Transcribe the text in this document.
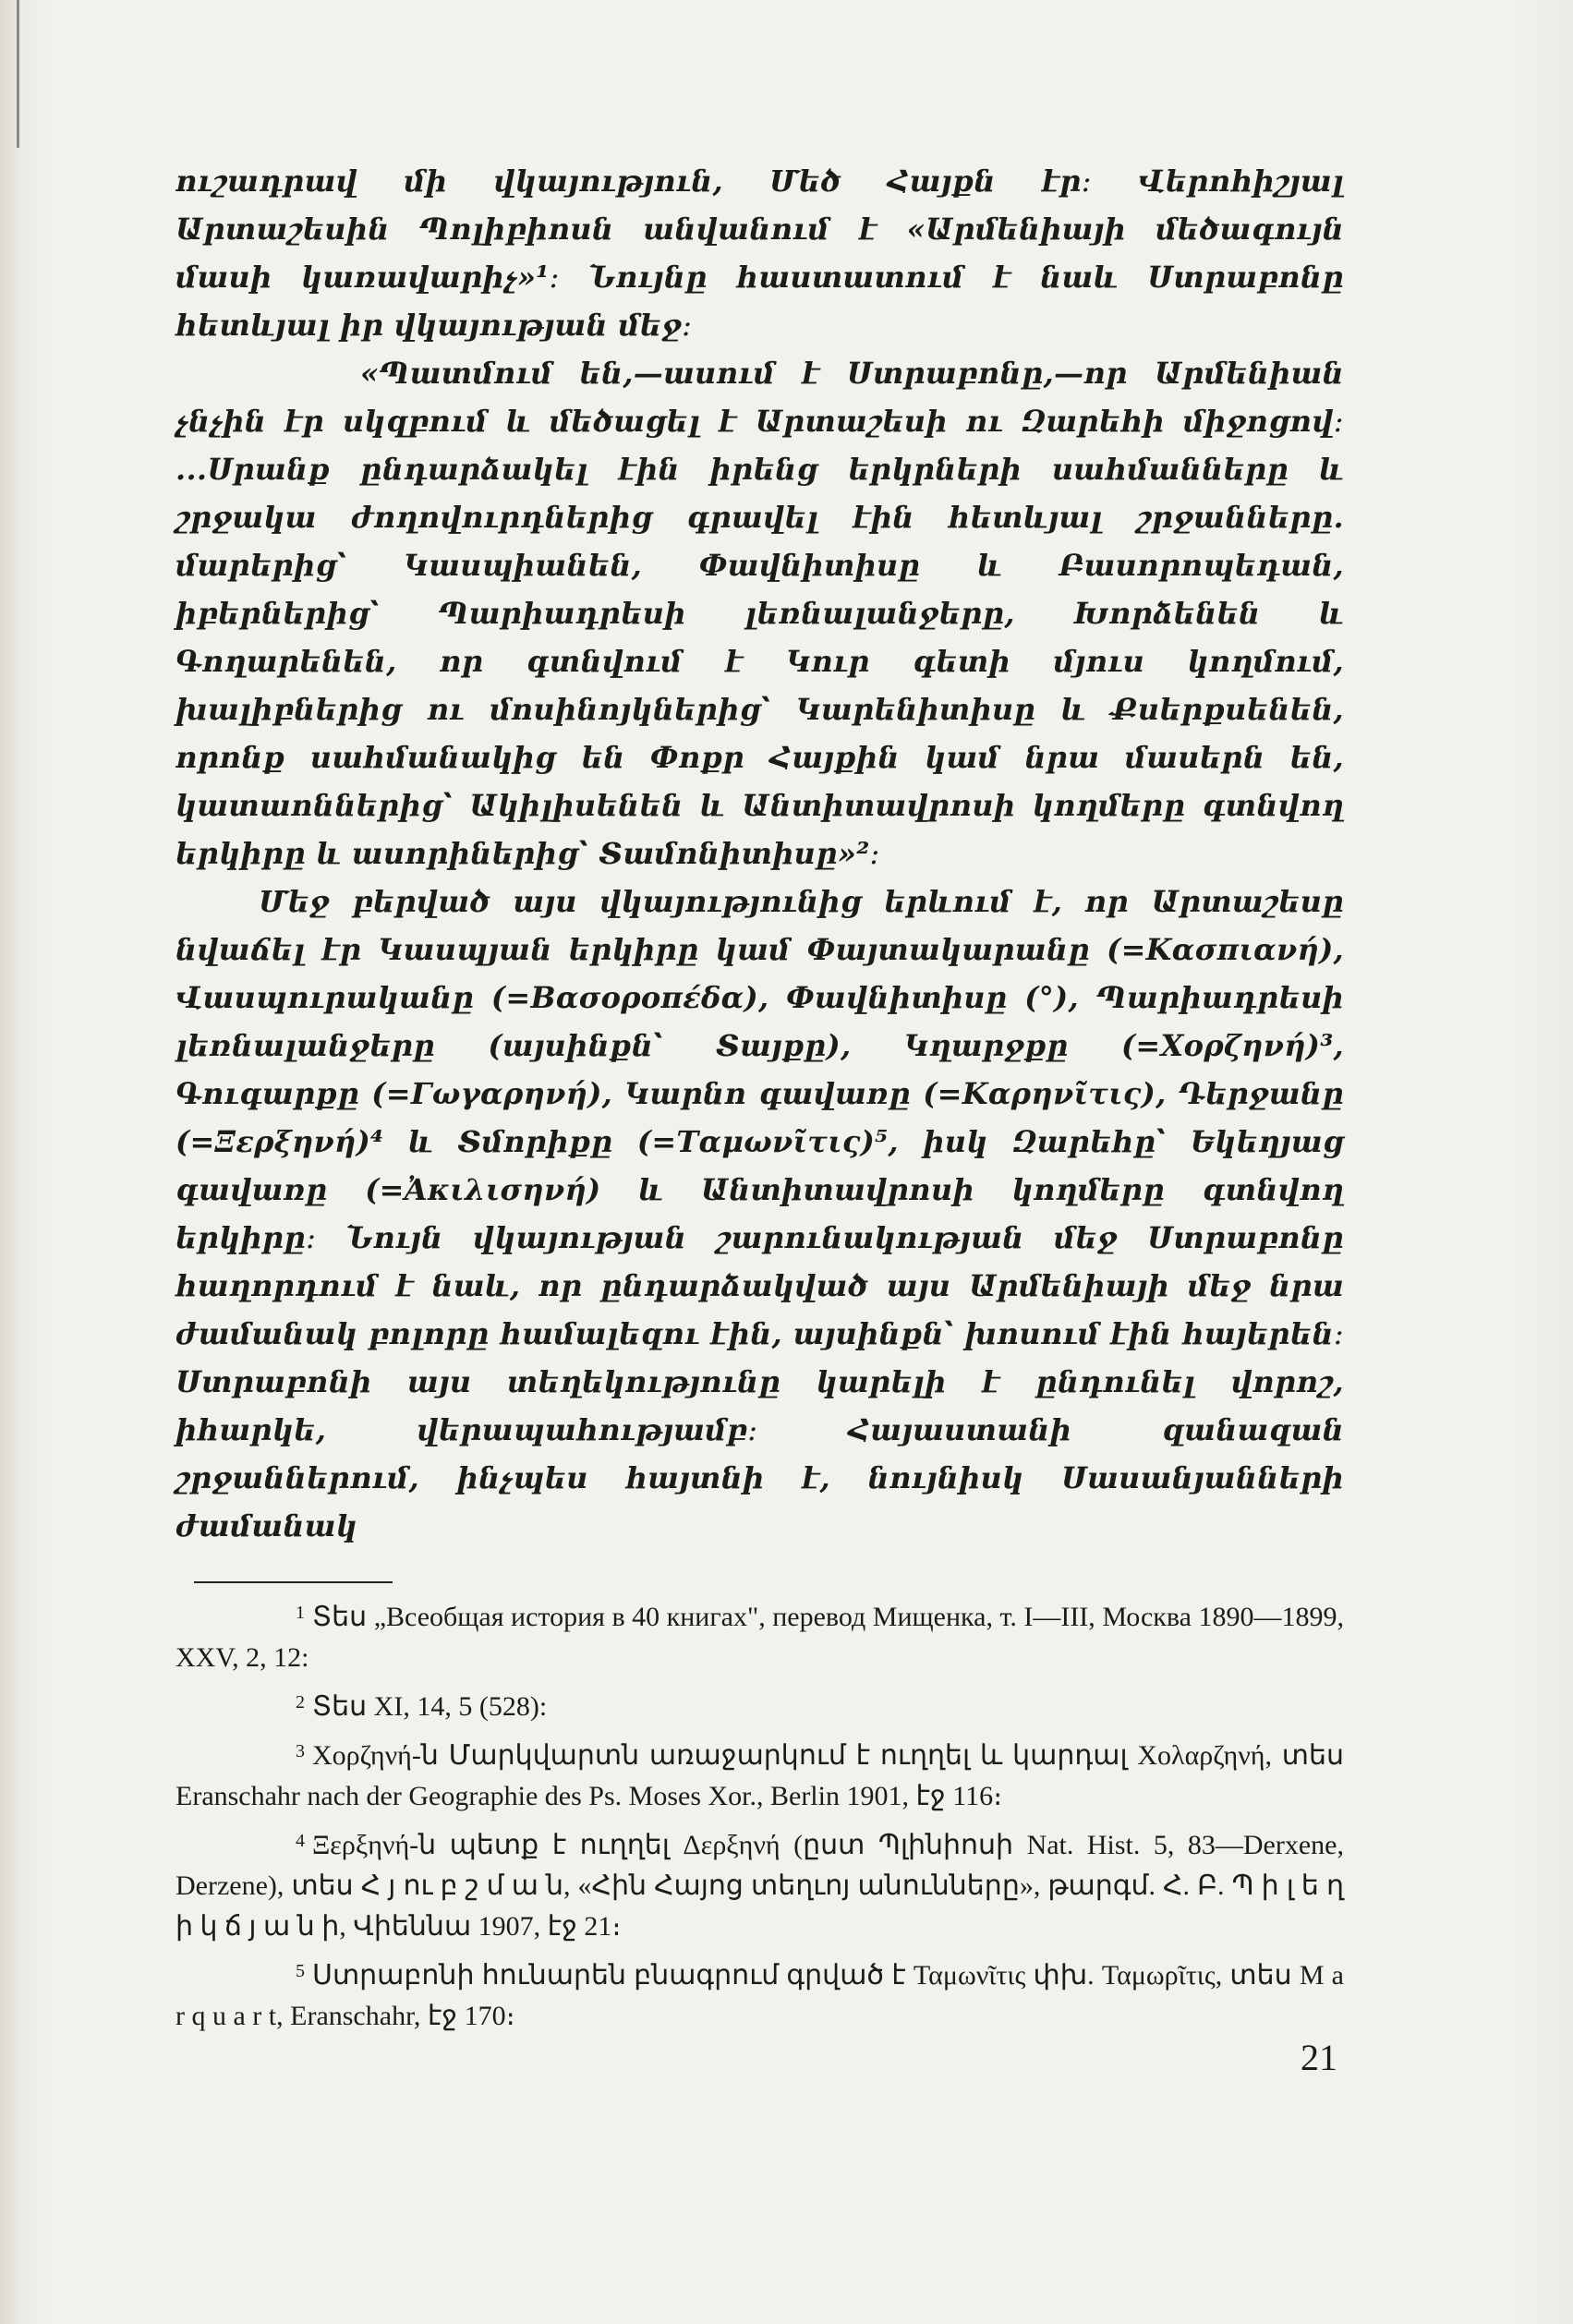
ուշադրավ մի վկայություն, Մեծ Հայքն էր։ Վերոհիշյալ Արտաշեսին Պոլիբիոսն անվանում է «Արմենիայի մեծագույն մասի կառավարիչ»¹։ Նույնը հաստատում է նաև Ստրաբոնը հետևյալ իր վկայության մեջ։

«Պատմում են,—ասում է Ստրաբոնը,—որ Արմենիան չնչին էր սկզբում և մեծացել է Արտաշեսի ու Զարեհի միջոցով։ ...Սրանք ընդարձակել էին իրենց երկրների սահմանները և շրջակա ժողովուրդներից գրավել էին հետևյալ շրջանները. մարերից՝ Կասպիանեն, Փավնիտիսը և Բասորոպեդան, իբերներից՝ Պարիադրեսի լեռնալանջերը, Խորձենեն և Գողարենեն, որ գտնվում է Կուր գետի մյուս կողմում, խալիբներից ու մոսինոյկներից՝ Կարենիտիսը և Քսերքսենեն, որոնք սահմանակից են Փոքր Հայքին կամ նրա մասերն են, կատաոններից՝ Ակիլիսենեն և Անտիտավրոսի կողմերը գտնվող երկիրը և ասորիներից՝ Տամոնիտիսը»²։

Մեջ բերված այս վկայությունից երևում է, որ Արտաշեսը նվաճել էր Կասպյան երկիրը կամ Փայտակարանը (=Κασπιανή), Վասպուրականը (=Βασοροπέδα), Փավնիտիսը (°), Պարիադրեսի լեռնալանջերը (այսինքն՝ Տայքը), Կղարջքը (=Χορζηνή)³, Գուգարքը (=Γωγαρηνή), Կարնո գավառը (=Καρηνῖτις), Դերջանը (=Ξερξηνή)⁴ և Տմորիքը (=Ταμωνῖτις)⁵, իսկ Զարեհը՝ Եկեղյաց գավառը (=Ἀκιλισηνή) և Անտիտավրոսի կողմերը գտնվող երկիրը։ Նույն վկայության շարունակության մեջ Ստրաբոնը հաղորդում է նաև, որ ընդարձակված այս Արմենիայի մեջ նրա ժամանակ բոլորը համալեզու էին, այսինքն՝ խոսում էին հայերեն։ Ստրաբոնի այս տեղեկությունը կարելի է ընդունել վորոշ, իհարկե, վերապահությամբ։ Հայաստանի զանազան շրջաններում, ինչպես հայտնի է, նույնիսկ Սասանյանների ժամանակ

$^1$ Տես „Всеобщая история в 40 книгах", перевод Мищенка, т. I—III, Москва 1890—1899, XXV, 2, 12:

$^2$ Տես XI, 14, 5 (528):

$^3$ Χορζηνή-ն Մարկվարտն առաջարկում է ուղղել և կարդալ Χολαρζηνή, տես Eranschahr nach der Geographie des Ps. Moses Xor., Berlin 1901, էջ 116։

$^4$ Ξερξηνή-ն պետք է ուղղել Δερξηνή (ըստ Պլինիոսի Nat. Hist. 5, 83—Derxene, Derzene), տես Հ յ ու բ շ մ ա ն, «Հին Հայոց տեղւոյ անունները», թարգմ. Հ. Բ. Պ ի լ ե ղ ի կ ճ յ ա ն ի, Վիեննա 1907, էջ 21։

$^5$ Ստրաբոնի հունարեն բնագրում գրված է Ταμωνῖτις փխ. Ταμωρῖτις, տես M a r q u a r t, Eranschahr, էջ 170։

21
